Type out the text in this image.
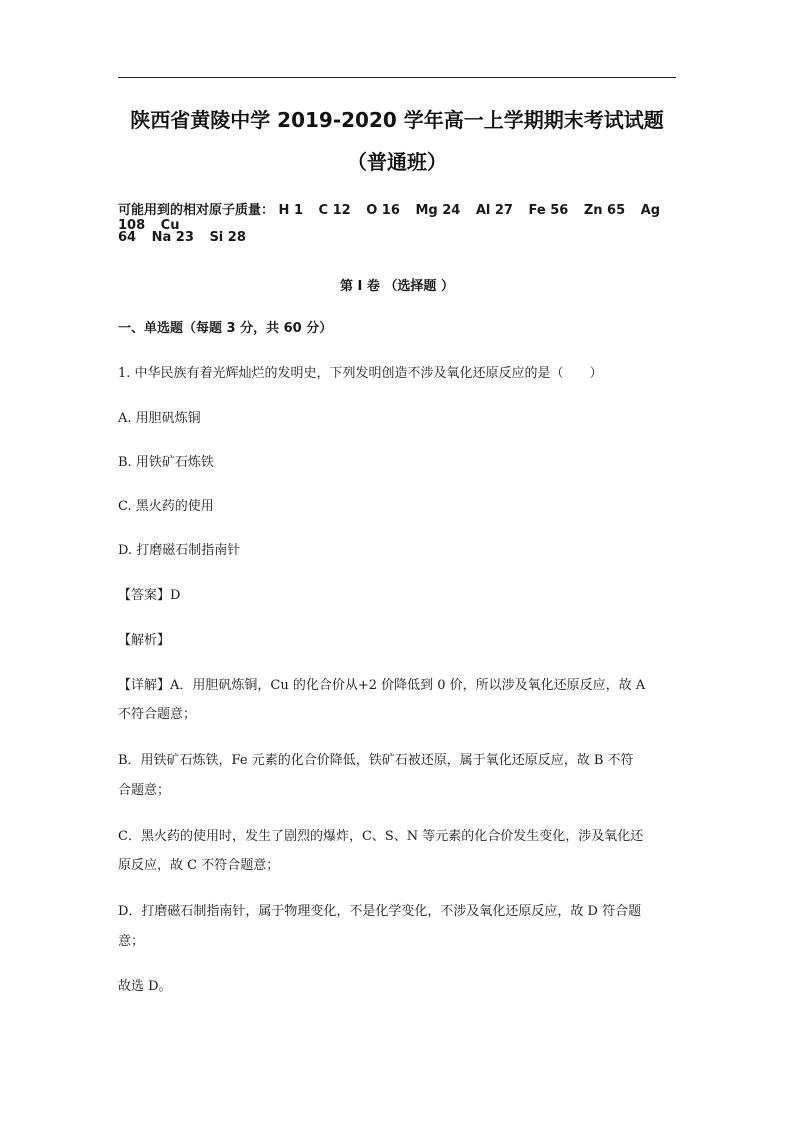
陕西省黄陵中学 2019-2020 学年高一上学期期末考试试题
（普通班）
可能用到的相对原子质量： H 1 C 12 O 16 Mg 24 Al 27 Fe 56 Zn 65 Ag 108 Cu
64 Na 23 Si 28
第 I 卷 （选择题 ）
一、单选题（每题 3 分，共 60 分）
1. 中华民族有着光辉灿烂的发明史，下列发明创造不涉及氧化还原反应的是（　　）
A. 用胆矾炼铜
B. 用铁矿石炼铁
C. 黑火药的使用
D. 打磨磁石制指南针
【答案】D
【解析】
【详解】A．用胆矾炼铜，Cu 的化合价从+2 价降低到 0 价，所以涉及氧化还原反应，故 A
不符合题意；
B．用铁矿石炼铁，Fe 元素的化合价降低，铁矿石被还原，属于氧化还原反应，故 B 不符
合题意；
C．黑火药的使用时，发生了剧烈的爆炸，C、S、N 等元素的化合价发生变化，涉及氧化还
原反应，故 C 不符合题意；
D．打磨磁石制指南针，属于物理变化，不是化学变化，不涉及氧化还原反应，故 D 符合题
意；
故选 D。
